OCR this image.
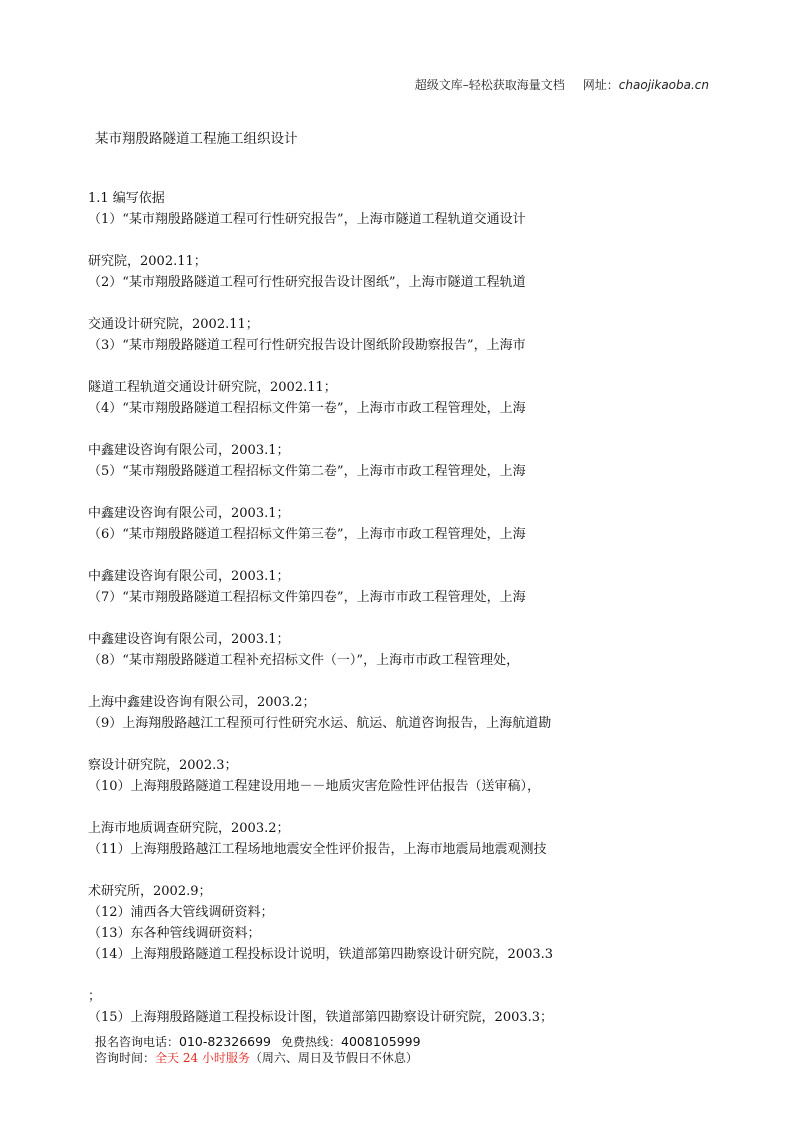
超级文库–轻松获取海量文档 网址：chaojikaoba.cn
某市翔殷路隧道工程施工组织设计
1.1 编写依据
（1）“某市翔殷路隧道工程可行性研究报告”，上海市隧道工程轨道交通设计
研究院，2002.11；
（2）“某市翔殷路隧道工程可行性研究报告设计图纸”，上海市隧道工程轨道
交通设计研究院，2002.11；
（3）“某市翔殷路隧道工程可行性研究报告设计图纸阶段勘察报告”，上海市
隧道工程轨道交通设计研究院，2002.11；
（4）“某市翔殷路隧道工程招标文件第一卷”，上海市市政工程管理处，上海
中鑫建设咨询有限公司，2003.1；
（5）“某市翔殷路隧道工程招标文件第二卷”，上海市市政工程管理处，上海
中鑫建设咨询有限公司，2003.1；
（6）“某市翔殷路隧道工程招标文件第三卷”，上海市市政工程管理处，上海
中鑫建设咨询有限公司，2003.1；
（7）“某市翔殷路隧道工程招标文件第四卷”，上海市市政工程管理处，上海
中鑫建设咨询有限公司，2003.1；
（8）“某市翔殷路隧道工程补充招标文件（一）”，上海市市政工程管理处，
上海中鑫建设咨询有限公司，2003.2；
（9）上海翔殷路越江工程预可行性研究水运、航运、航道咨询报告，上海航道勘
察设计研究院，2002.3；
（10）上海翔殷路隧道工程建设用地－－地质灾害危险性评估报告（送审稿），
上海市地质调查研究院，2003.2；
（11）上海翔殷路越江工程场地地震安全性评价报告，上海市地震局地震观测技
术研究所，2002.9；
（12）浦西各大管线调研资料；
（13）东各种管线调研资料；
（14）上海翔殷路隧道工程投标设计说明，铁道部第四勘察设计研究院，2003.3
；
（15）上海翔殷路隧道工程投标设计图，铁道部第四勘察设计研究院，2003.3；
报名咨询电话：010-82326699 免费热线：4008105999
咨询时间：全天 24 小时服务（周六、周日及节假日不休息）
